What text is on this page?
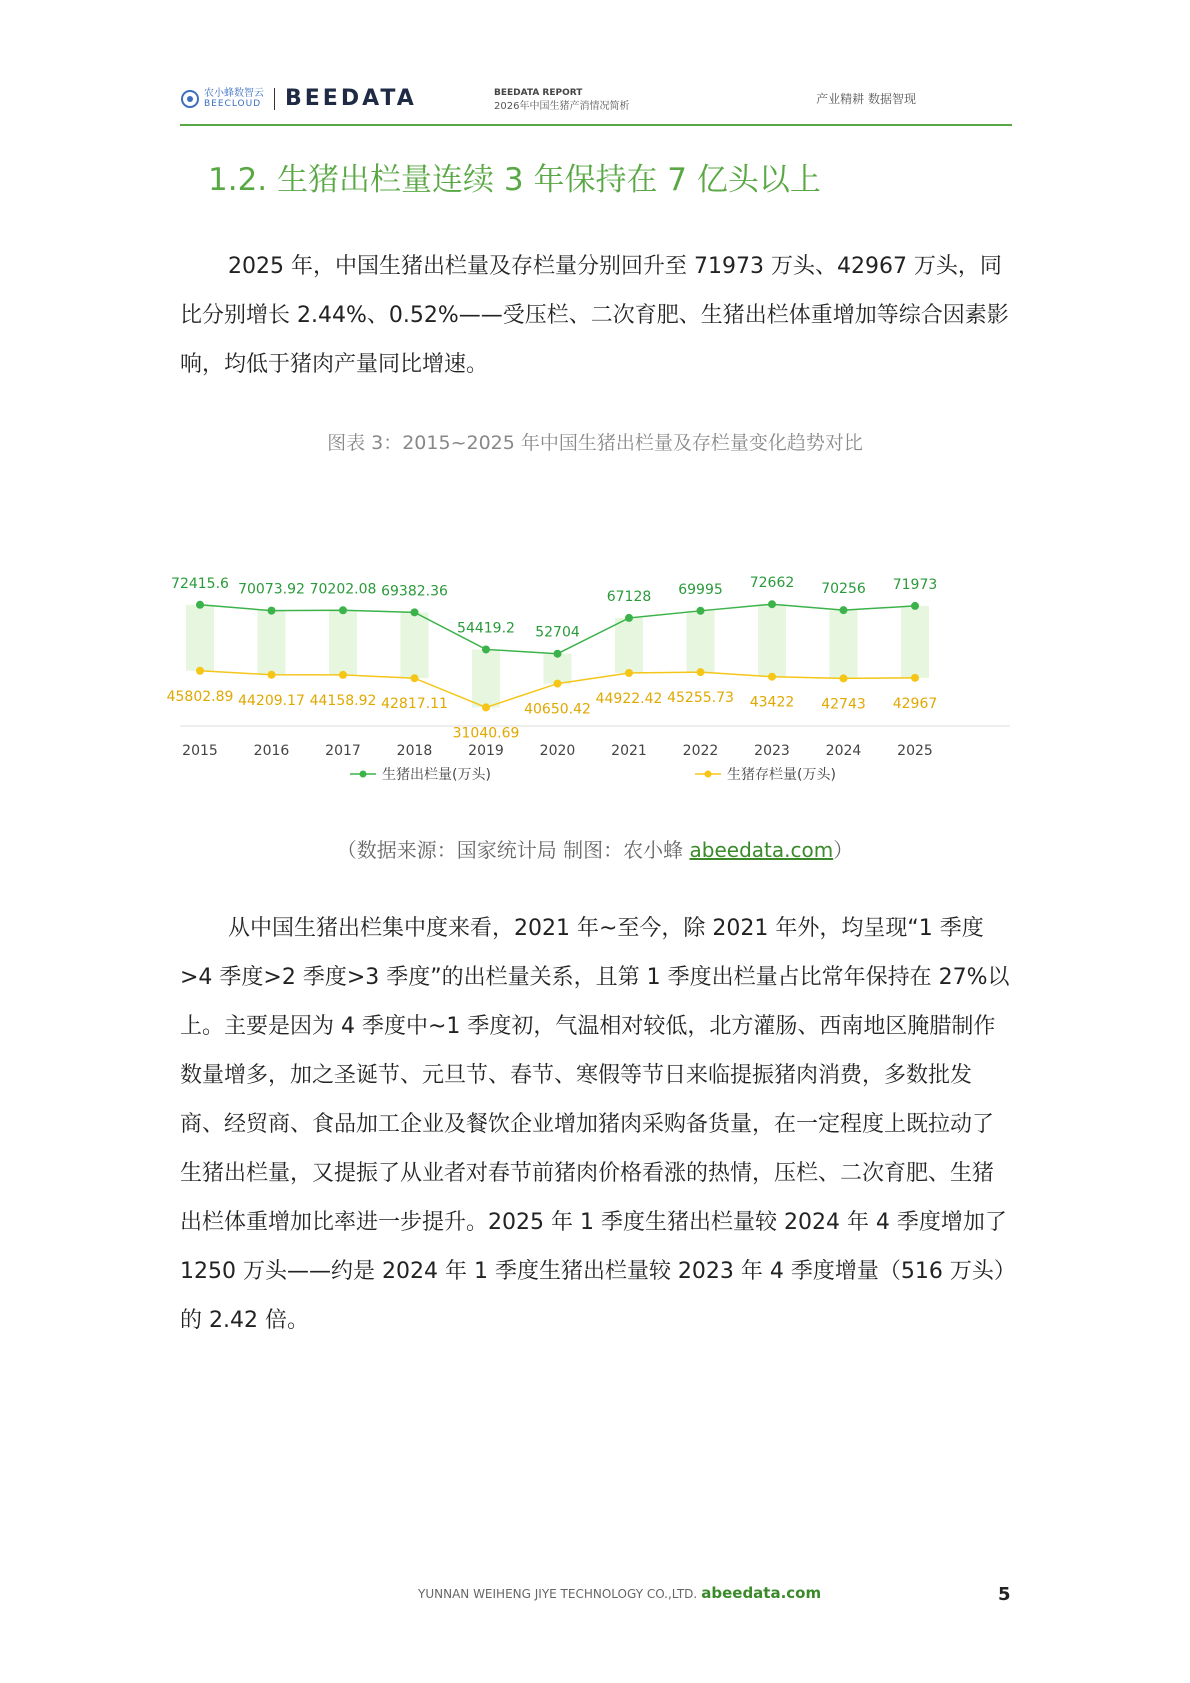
农小蜂数智云
BEECLOUD BEEDATA	BEEDATA REPORT
2026年中国生猪产消情况简析
产业精耕 数据智现
1.2. 生猪出栏量连续 3 年保持在 7 亿头以上

2025 年，中国生猪出栏量及存栏量分别回升至 71973 万头、42967 万头，同比分别增长 2.44%、0.52%——受压栏、二次育肥、生猪出栏体重增加等综合因素影响，均低于猪肉产量同比增速。

图表 3：2015~2025 年中国生猪出栏量及存栏量变化趋势对比
72415.6
45802.89
70073.92
44209.17
70202.08
44158.92
69382.36
42817.11
54419.2
31040.69
52704
40650.42
67128
44922.42
69995
45255.73
72662
43422
70256
42743
71973
42967
2015	2016	2017	2018	2019	2020	2021	2022	2023	2024	2025
生猪出栏量(万头)	生猪存栏量(万头)
（数据来源：国家统计局 制图：农小蜂 abeedata.com）

从中国生猪出栏集中度来看，2021 年~至今，除 2021 年外，均呈现“1 季度>4 季度>2 季度>3 季度”的出栏量关系，且第 1 季度出栏量占比常年保持在 27%以上。主要是因为 4 季度中~1 季度初，气温相对较低，北方灌肠、西南地区腌腊制作数量增多，加之圣诞节、元旦节、春节、寒假等节日来临提振猪肉消费，多数批发商、经贸商、食品加工企业及餐饮企业增加猪肉采购备货量，在一定程度上既拉动了生猪出栏量，又提振了从业者对春节前猪肉价格看涨的热情，压栏、二次育肥、生猪出栏体重增加比率进一步提升。2025 年 1 季度生猪出栏量较 2024 年 4 季度增加了 1250 万头——约是 2024 年 1 季度生猪出栏量较 2023 年 4 季度增量（516 万头）的 2.42 倍。

YUNNAN WEIHENG JIYE TECHNOLOGY CO.,LTD. abeedata.com	5
